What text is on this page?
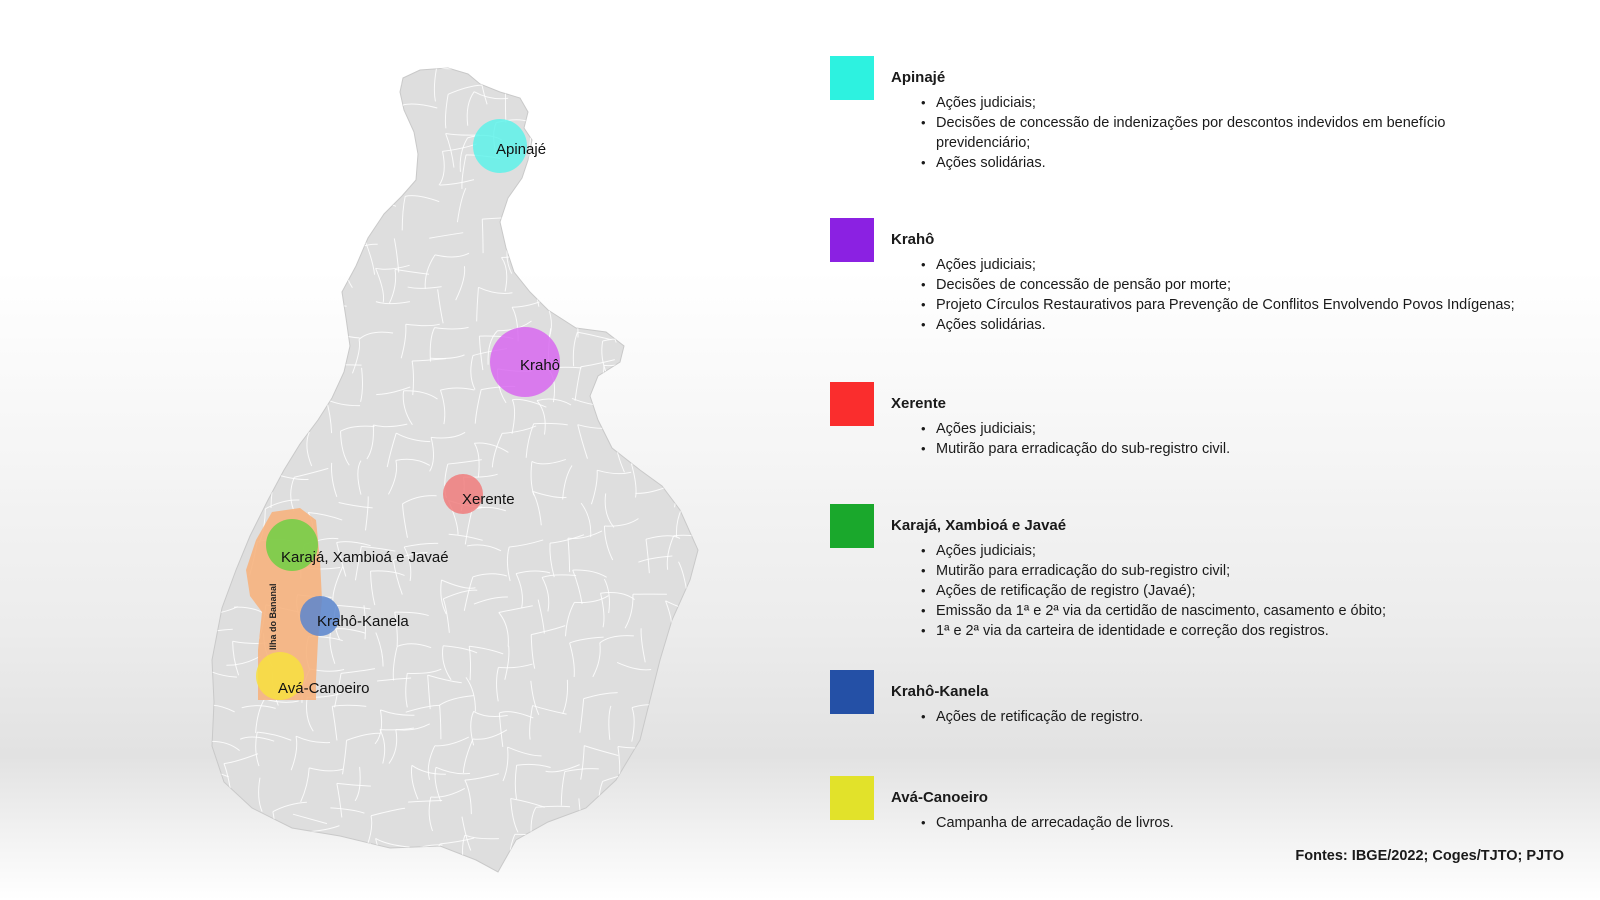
Ilha do Bananal
Apinajé
Krahô
Xerente
Karajá, Xambioá e Javaé
Krahô-Kanela
Avá-Canoeiro
Apinajé
• Ações judiciais;
• Decisões de concessão de indenizações por descontos indevidos em benefício previdenciário;
• Ações solidárias.
Krahô
• Ações judiciais;
• Decisões de concessão de pensão por morte;
• Projeto Círculos Restaurativos para Prevenção de Conflitos Envolvendo Povos Indígenas;
• Ações solidárias.
Xerente
• Ações judiciais;
• Mutirão para erradicação do sub-registro civil.
Karajá, Xambioá e Javaé
• Ações judiciais;
• Mutirão para erradicação do sub-registro civil;
• Ações de retificação de registro (Javaé);
• Emissão da 1ª e 2ª via da certidão de nascimento, casamento e óbito;
• 1ª e 2ª via da carteira de identidade e correção dos registros.
Krahô-Kanela
• Ações de retificação de registro.
Avá-Canoeiro
• Campanha de arrecadação de livros.
Fontes: IBGE/2022; Coges/TJTO; PJTO
